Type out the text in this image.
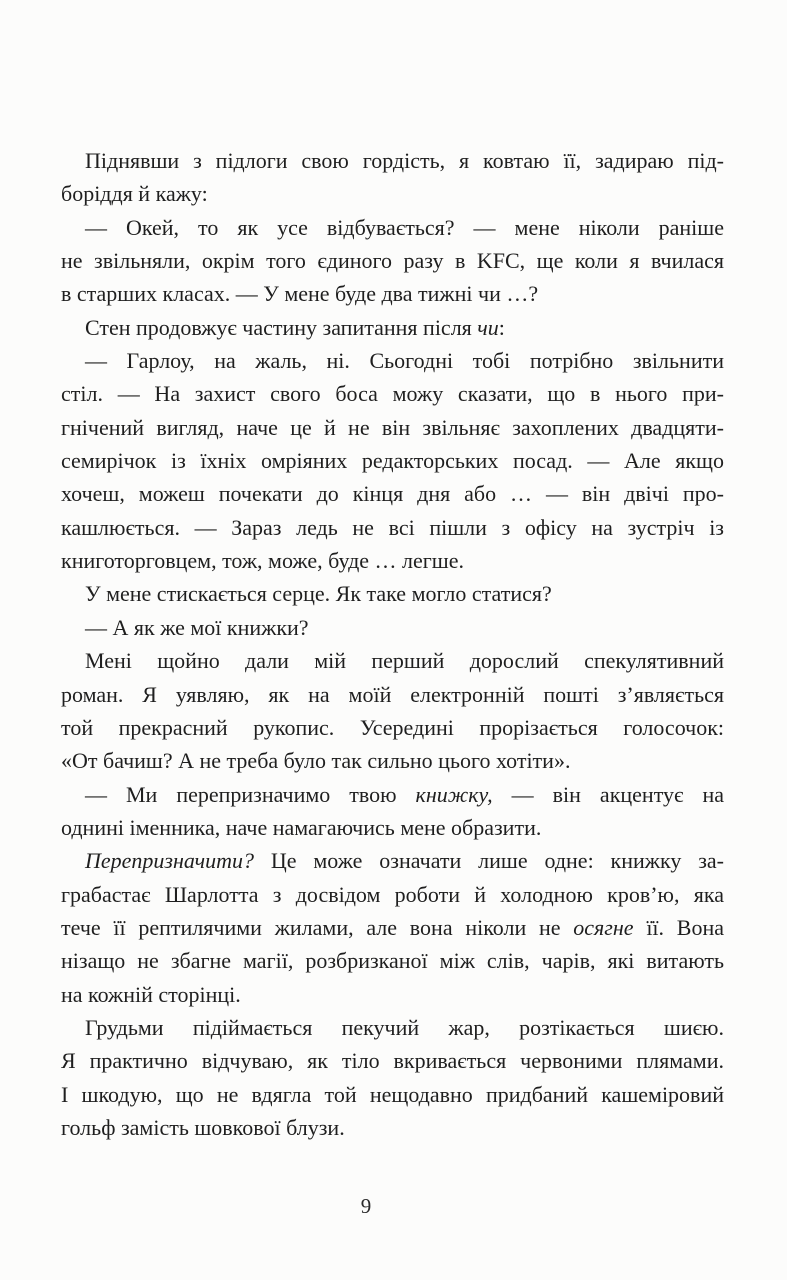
Піднявши з підлоги свою гордість, я ковтаю її, задираю під-
боріддя й кажу:
— Окей, то як усе відбувається? — мене ніколи раніше
не звільняли, окрім того єдиного разу в KFC, ще коли я вчилася
в старших класах. — У мене буде два тижні чи …?
Стен продовжує частину запитання після чи:
— Гарлоу, на жаль, ні. Сьогодні тобі потрібно звільнити
стіл. — На захист свого боса можу сказати, що в нього при-
гнічений вигляд, наче це й не він звільняє захоплених двадцяти-
семирічок із їхніх омріяних редакторських посад. — Але якщо
хочеш, можеш почекати до кінця дня або … — він двічі про-
кашлюється. — Зараз ледь не всі пішли з офісу на зустріч із
книготорговцем, тож, може, буде … легше.
У мене стискається серце. Як таке могло статися?
— А як же мої книжки?
Мені щойно дали мій перший дорослий спекулятивний
роман. Я уявляю, як на моїй електронній пошті з’являється
той прекрасний рукопис. Усередині прорізається голосочок:
«От бачиш? А не треба було так сильно цього хотіти».
— Ми перепризначимо твою книжку, — він акцентує на
однині іменника, наче намагаючись мене образити.
Перепризначити? Це може означати лише одне: книжку за-
грабастає Шарлотта з досвідом роботи й холодною кров’ю, яка
тече її рептилячими жилами, але вона ніколи не осягне її. Вона
нізащо не збагне магії, розбризканої між слів, чарів, які витають
на кожній сторінці.
Грудьми підіймається пекучий жар, розтікається шиєю.
Я практично відчуваю, як тіло вкривається червоними плямами.
І шкодую, що не вдягла той нещодавно придбаний кашеміровий
гольф замість шовкової блузи.
9
